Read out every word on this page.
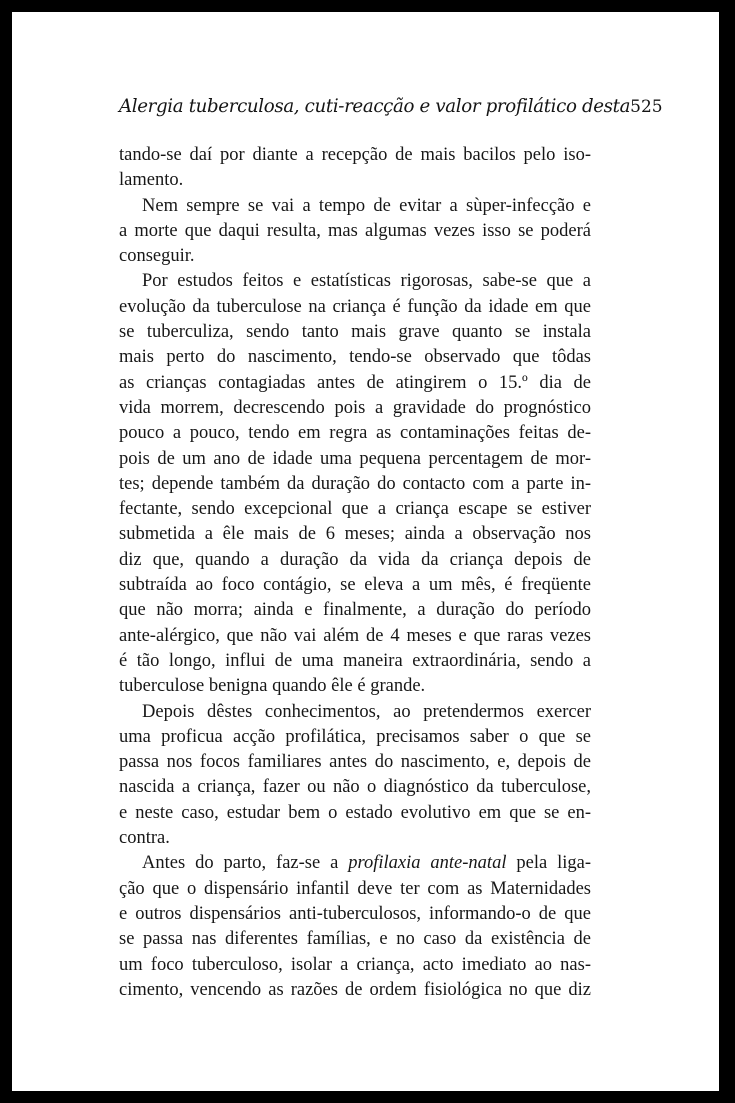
Alergia tuberculosa, cuti-reacção e valor profilático desta 525

tando-se daí por diante a recepção de mais bacilos pelo iso-
lamento.

Nem sempre se vai a tempo de evitar a sùper-infecção e
a morte que daqui resulta, mas algumas vezes isso se poderá
conseguir.

Por estudos feitos e estatísticas rigorosas, sabe-se que a
evolução da tuberculose na criança é função da idade em que
se tuberculiza, sendo tanto mais grave quanto se instala
mais perto do nascimento, tendo-se observado que tôdas
as crianças contagiadas antes de atingirem o 15.º dia de
vida morrem, decrescendo pois a gravidade do prognóstico
pouco a pouco, tendo em regra as contaminações feitas de-
pois de um ano de idade uma pequena percentagem de mor-
tes; depende também da duração do contacto com a parte in-
fectante, sendo excepcional que a criança escape se estiver
submetida a êle mais de 6 meses; ainda a observação nos
diz que, quando a duração da vida da criança depois de
subtraída ao foco contágio, se eleva a um mês, é freqüente
que não morra; ainda e finalmente, a duração do período
ante-alérgico, que não vai além de 4 meses e que raras vezes
é tão longo, influi de uma maneira extraordinária, sendo a
tuberculose benigna quando êle é grande.

Depois dêstes conhecimentos, ao pretendermos exercer
uma proficua acção profilática, precisamos saber o que se
passa nos focos familiares antes do nascimento, e, depois de
nascida a criança, fazer ou não o diagnóstico da tuberculose,
e neste caso, estudar bem o estado evolutivo em que se en-
contra.

Antes do parto, faz-se a profilaxia ante-natal pela liga-
ção que o dispensário infantil deve ter com as Maternidades
e outros dispensários anti-tuberculosos, informando-o de que
se passa nas diferentes famílias, e no caso da existência de
um foco tuberculoso, isolar a criança, acto imediato ao nas-
cimento, vencendo as razões de ordem fisiológica no que diz
